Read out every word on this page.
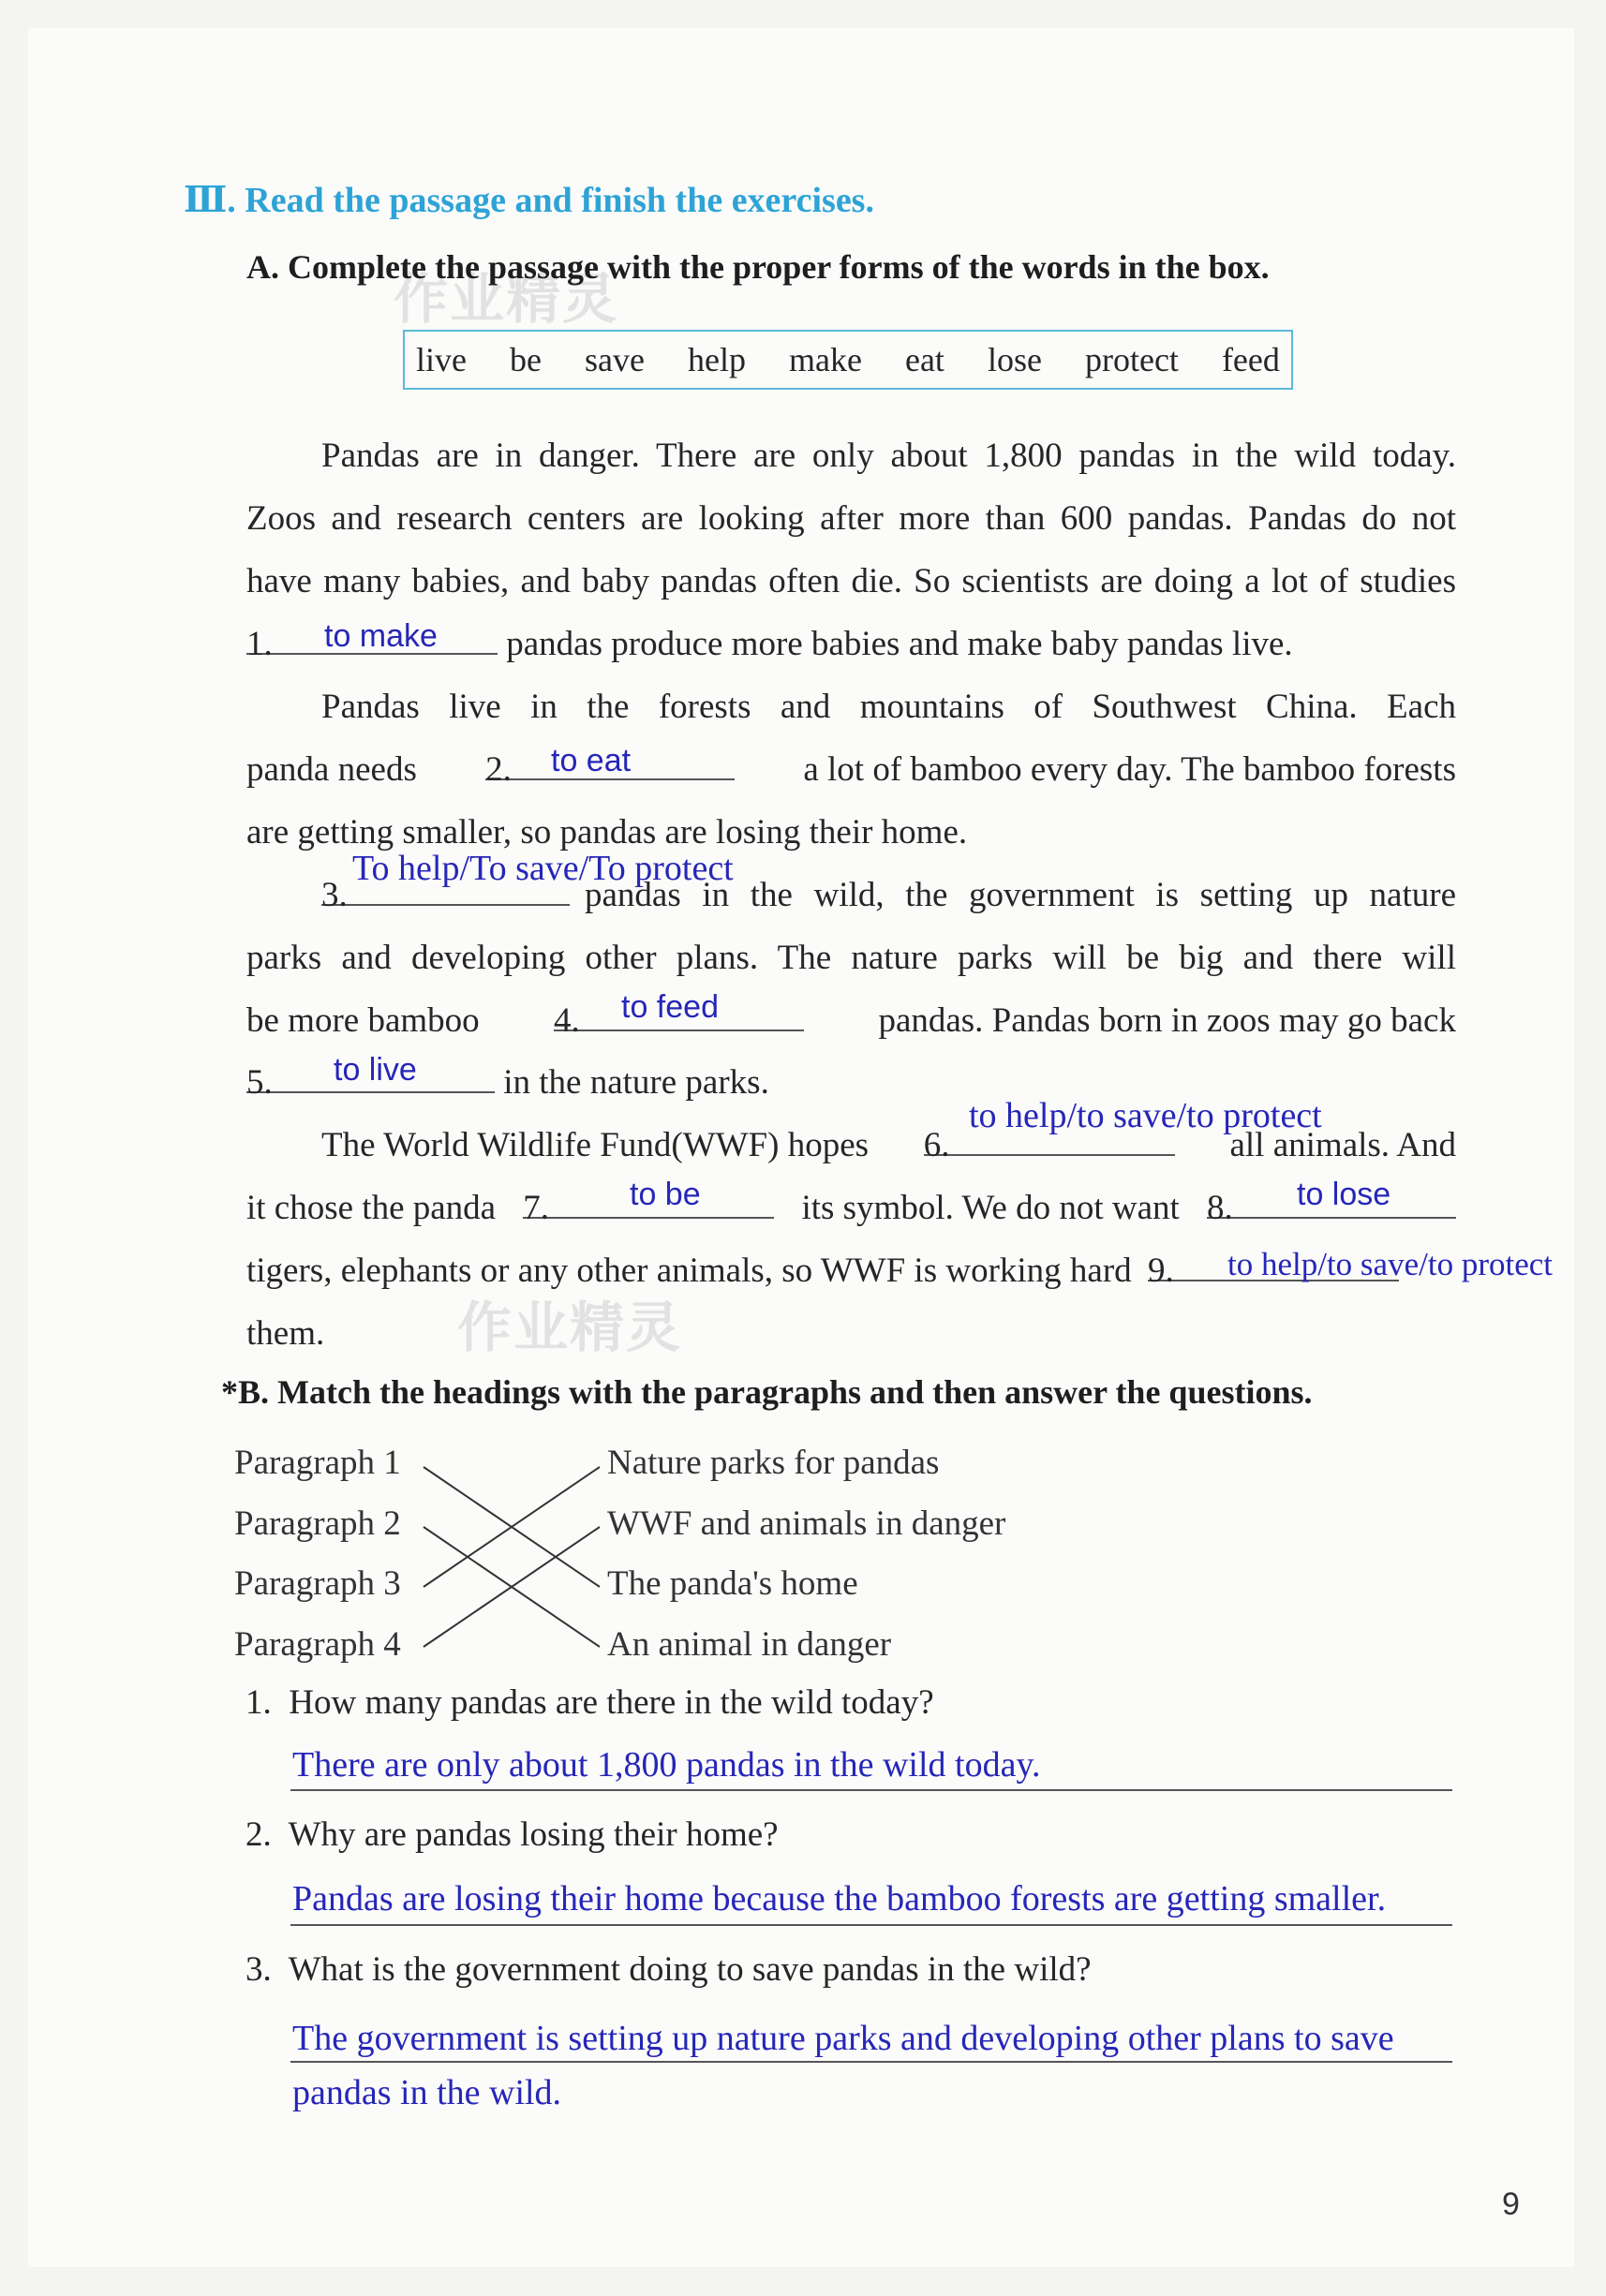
作业精灵
作业精灵
Ⅲ. Read the passage and finish the exercises.
A. Complete the passage with the proper forms of the words in the box.
live be save help make eat lose protect feed
Pandas are in danger. There are only about 1,800 pandas in the wild today.
Zoos and research centers are looking after more than 600 pandas. Pandas do not
have many babies, and baby pandas often die. So scientists are doing a lot of studies
1.	pandas produce more babies and make baby pandas live.
to make
Pandas live in the forests and mountains of Southwest China. Each
panda needs 2.	a lot of bamboo every day. The bamboo forests
to eat
are getting smaller, so pandas are losing their home.
3.	pandas in the wild, the government is setting up nature
To help/To save/To protect
parks and developing other plans. The nature parks will be big and there will
be more bamboo 4.	pandas. Pandas born in zoos may go back
to feed
5.	in the nature parks.
to live
The World Wildlife Fund(WWF) hopes 6.	all animals. And
to help/to save/to protect
it chose the panda 7.	its symbol. We do not want 8.
to be	to lose
tigers, elephants or any other animals, so WWF is working hard 9.	to help/to save/to protect
them.
*B. Match the headings with the paragraphs and then answer the questions.
Paragraph 1
Paragraph 2
Paragraph 3
Paragraph 4
Nature parks for pandas
WWF and animals in danger
The panda's home
An animal in danger
1. How many pandas are there in the wild today?
There are only about 1,800 pandas in the wild today.
2. Why are pandas losing their home?
Pandas are losing their home because the bamboo forests are getting smaller.
3. What is the government doing to save pandas in the wild?
The government is setting up nature parks and developing other plans to save
pandas in the wild.
9
